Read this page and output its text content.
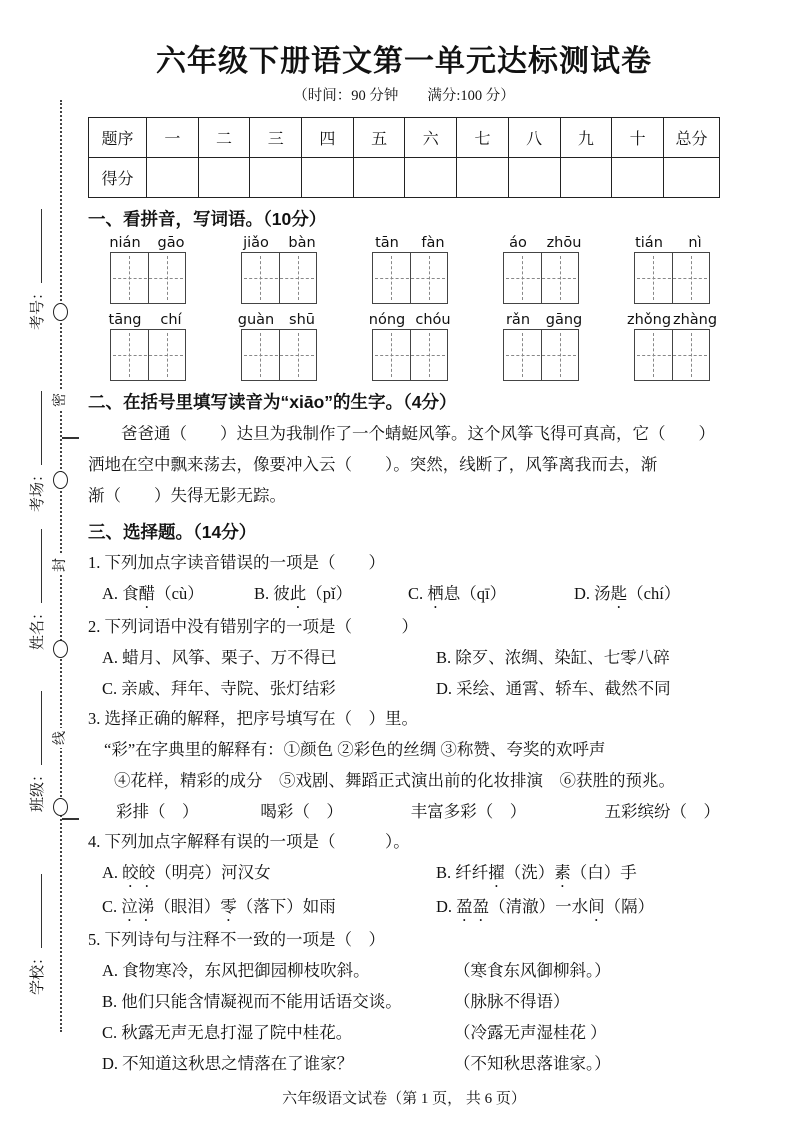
密
封
线
考号：
考场：
姓名：
班级：
学校：
六年级下册语文第一单元达标测试卷
（时间：90 分钟　　满分:100 分）
题序	一	二	三	四	五	六	七	八	九	十	总分
得分											
一、看拼音，写词语。（10分）
nián	gāo	jiǎo	bàn	tān	fàn	áo	zhōu	tián	nì
tāng	chí	guàn	shū	nóng chóu	rǎn	gāng	zhǒng zhàng
二、在括号里填写读音为“xiāo”的生字。（4分）
爸爸通（　　）达旦为我制作了一个蜻蜓风筝。这个风筝飞得可真高，它（　　）
洒地在空中飘来荡去，像要冲入云（　　）。突然，线断了，风筝离我而去，渐
渐（　　）失得无影无踪。
三、选择题。（14分）
1. 下列加点字读音错误的一项是（　　）
A. 食醋（cù）	B. 彼此（pǐ）	C. 栖息（qī）	D. 汤匙（chí）
2. 下列词语中没有错别字的一项是（　　　）
A. 蜡月、风筝、栗子、万不得已	B. 除歹、浓绸、染缸、七零八碎
C. 亲戚、拜年、寺院、张灯结彩	D. 采绘、通霄、轿车、截然不同
3. 选择正确的解释，把序号填写在（　）里。
“彩”在字典里的解释有：①颜色 ②彩色的丝绸 ③称赞、夸奖的欢呼声
④花样，精彩的成分　⑤戏剧、舞蹈正式演出前的化妆排演　⑥获胜的预兆。
彩排（　）	喝彩（　）	丰富多彩（　）	五彩缤纷（　）
4. 下列加点字解释有误的一项是（　　　）。
A. 皎皎（明亮）河汉女	B. 纤纤擢（洗）素（白）手
C. 泣涕（眼泪）零（落下）如雨	D. 盈盈（清澈）一水间（隔）
5. 下列诗句与注释不一致的一项是（　）
A. 食物寒冷，东风把御园柳枝吹斜。	（寒食东风御柳斜。）
B. 他们只能含情凝视而不能用话语交谈。	（脉脉不得语）
C. 秋露无声无息打湿了院中桂花。	（冷露无声湿桂花 ）
D. 不知道这秋思之情落在了谁家？	（不知秋思落谁家。）
六年级语文试卷（第 1 页， 共 6 页）
